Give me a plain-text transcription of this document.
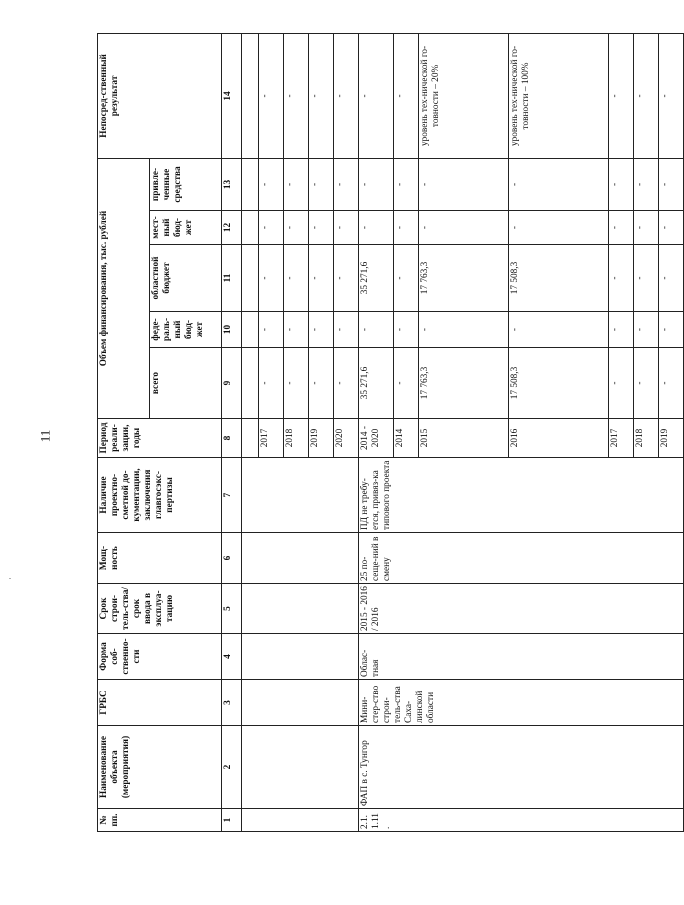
11
.
№ пп.	Наименование объекта (мероприятия)	ГРБС	Форма соб-ственно-сти	Срок строи-тель-ства/срок ввода в эксплуа-тацию	Мощ-ность	Наличие проектно-сметной до-кументации, заключения главгосэкс-пертизы	Период реали-зации, годы	Объем финансирования, тыс. рублей					Непосред-ственный результат
								всего	феде-раль-ный бюд-жет	областной бюджет	мест-ный бюд-жет	привле-ченные средства	
1	2	3	4	5	6	7	8	9	10	11	12	13	14

							2017	-	-	-	-	-	-
							2018	-	-	-	-	-	-
							2019	-	-	-	-	-	-
							2020	-	-	-	-	-	-
2.1.1.11.	ФАП в с. Тунгор	Мини-стер-ство строи-тель-ства Саха-линской области	Облас-тная	2015 - 2016 / 2016	25 по-сеще-ний в смену	ПД не требу-ется, привяз-ка типового проекта	2014 - 2020	35 271,6	-	35 271,6	-	-	-
							2014	-	-	-	-	-	-
							2015	17 763,3	-	17 763,3	-	-	уровень тех-нической го-товности – 20%
							2016	17 508,3	-	17 508,3	-	-	уровень тех-нической го-товности – 100%
							2017	-	-	-	-	-	-
							2018	-	-	-	-	-	-
							2019	-	-	-	-	-	-
